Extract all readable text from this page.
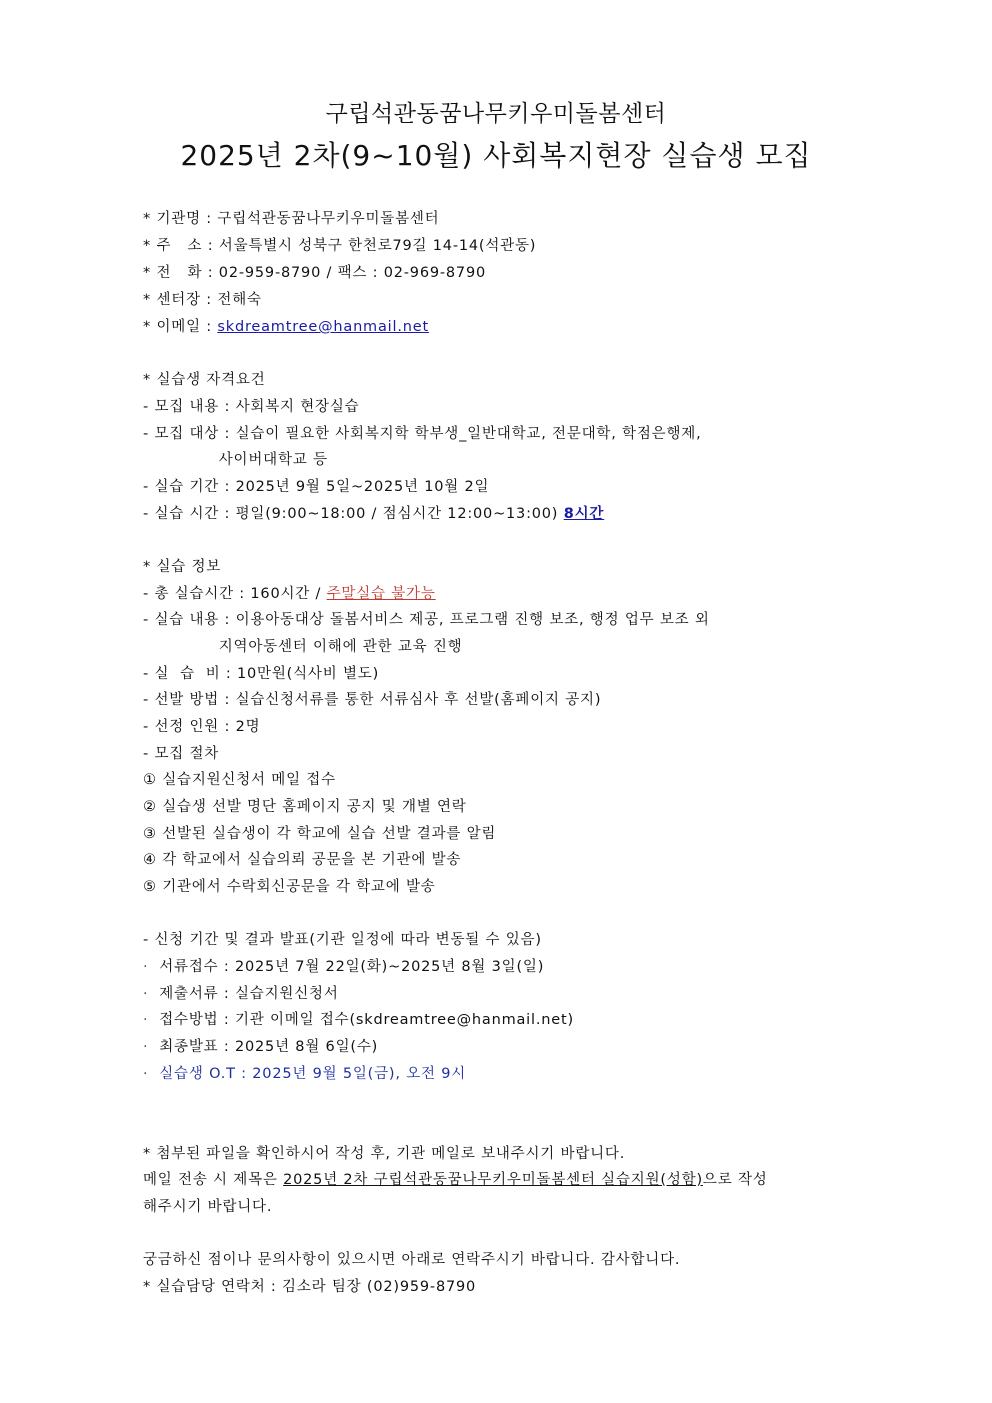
구립석관동꿈나무키우미돌봄센터
2025년 2차(9~10월) 사회복지현장 실습생 모집
* 기관명 : 구립석관동꿈나무키우미돌봄센터
* 주   소 : 서울특별시 성북구 한천로79길 14-14(석관동)
* 전   화 : 02-959-8790 / 팩스 : 02-969-8790
* 센터장 : 전해숙
* 이메일 : skdreamtree@hanmail.net
* 실습생 자격요건
- 모집 내용 : 사회복지 현장실습
- 모집 대상 : 실습이 필요한 사회복지학 학부생_일반대학교, 전문대학, 학점은행제,
사이버대학교 등
- 실습 기간 : 2025년 9월 5일~2025년 10월 2일
- 실습 시간 : 평일(9:00~18:00 / 점심시간 12:00~13:00) 8시간
* 실습 정보
- 총 실습시간 : 160시간 / 주말실습 불가능
- 실습 내용 : 이용아동대상 돌봄서비스 제공, 프로그램 진행 보조, 행정 업무 보조 외
지역아동센터 이해에 관한 교육 진행
- 실  습  비 : 10만원(식사비 별도)
- 선발 방법 : 실습신청서류를 통한 서류심사 후 선발(홈페이지 공지)
- 선정 인원 : 2명
- 모집 절차
① 실습지원신청서 메일 접수
② 실습생 선발 명단 홈페이지 공지 및 개별 연락
③ 선발된 실습생이 각 학교에 실습 선발 결과를 알림
④ 각 학교에서 실습의뢰 공문을 본 기관에 발송
⑤ 기관에서 수락회신공문을 각 학교에 발송
- 신청 기간 및 결과 발표(기관 일정에 따라 변동될 수 있음)
· 서류접수 : 2025년 7월 22일(화)~2025년 8월 3일(일)
· 제출서류 : 실습지원신청서
· 접수방법 : 기관 이메일 접수(skdreamtree@hanmail.net)
· 최종발표 : 2025년 8월 6일(수)
· 실습생 O.T : 2025년 9월 5일(금), 오전 9시
* 첨부된 파일을 확인하시어 작성 후, 기관 메일로 보내주시기 바랍니다.
메일 전송 시 제목은 2025년 2차 구립석관동꿈나무키우미돌봄센터 실습지원(성함)으로 작성
해주시기 바랍니다.
궁금하신 점이나 문의사항이 있으시면 아래로 연락주시기 바랍니다. 감사합니다.
* 실습담당 연락처 : 김소라 팀장 (02)959-8790
